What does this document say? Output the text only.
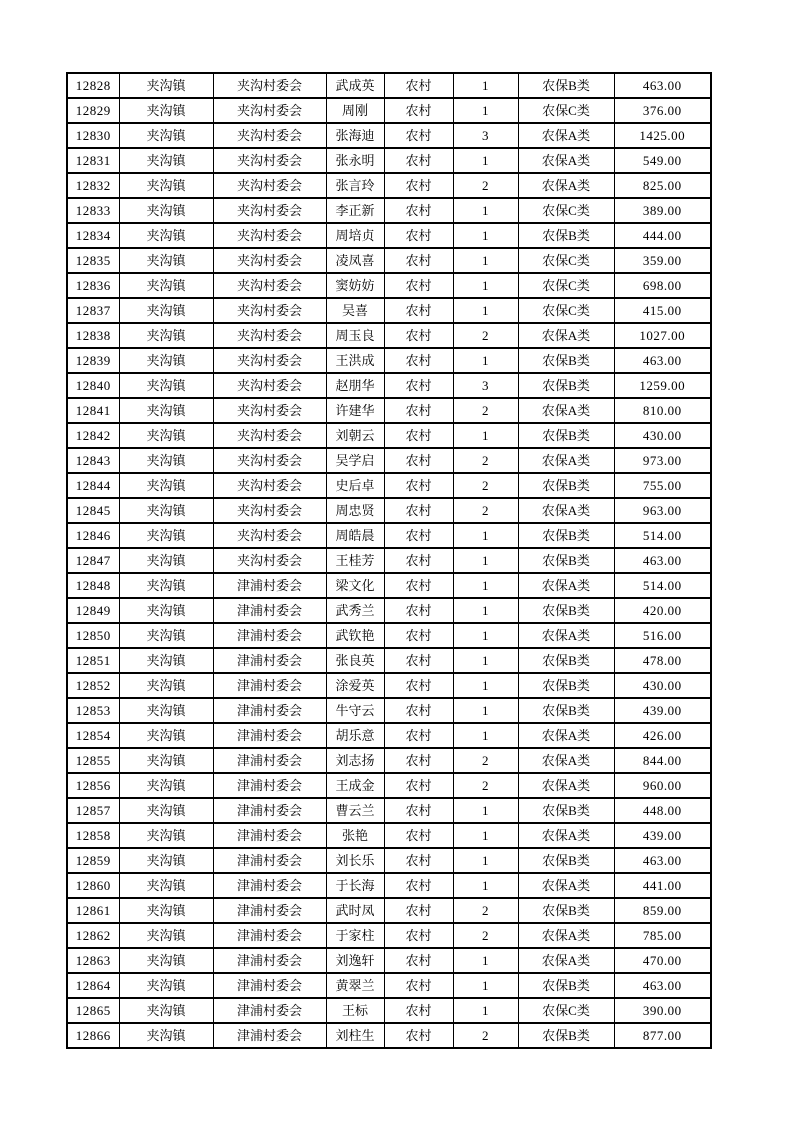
12828	夹沟镇	夹沟村委会	武成英	农村	1	农保B类	463.00
12829	夹沟镇	夹沟村委会	周刚	农村	1	农保C类	376.00
12830	夹沟镇	夹沟村委会	张海迪	农村	3	农保A类	1425.00
12831	夹沟镇	夹沟村委会	张永明	农村	1	农保A类	549.00
12832	夹沟镇	夹沟村委会	张言玲	农村	2	农保A类	825.00
12833	夹沟镇	夹沟村委会	李正新	农村	1	农保C类	389.00
12834	夹沟镇	夹沟村委会	周培贞	农村	1	农保B类	444.00
12835	夹沟镇	夹沟村委会	凌凤喜	农村	1	农保C类	359.00
12836	夹沟镇	夹沟村委会	窦妨妨	农村	1	农保C类	698.00
12837	夹沟镇	夹沟村委会	吴喜	农村	1	农保C类	415.00
12838	夹沟镇	夹沟村委会	周玉良	农村	2	农保A类	1027.00
12839	夹沟镇	夹沟村委会	王洪成	农村	1	农保B类	463.00
12840	夹沟镇	夹沟村委会	赵朋华	农村	3	农保B类	1259.00
12841	夹沟镇	夹沟村委会	许建华	农村	2	农保A类	810.00
12842	夹沟镇	夹沟村委会	刘朝云	农村	1	农保B类	430.00
12843	夹沟镇	夹沟村委会	吴学启	农村	2	农保A类	973.00
12844	夹沟镇	夹沟村委会	史后卓	农村	2	农保B类	755.00
12845	夹沟镇	夹沟村委会	周忠贤	农村	2	农保A类	963.00
12846	夹沟镇	夹沟村委会	周皓晨	农村	1	农保B类	514.00
12847	夹沟镇	夹沟村委会	王桂芳	农村	1	农保B类	463.00
12848	夹沟镇	津浦村委会	梁文化	农村	1	农保A类	514.00
12849	夹沟镇	津浦村委会	武秀兰	农村	1	农保B类	420.00
12850	夹沟镇	津浦村委会	武钦艳	农村	1	农保A类	516.00
12851	夹沟镇	津浦村委会	张良英	农村	1	农保B类	478.00
12852	夹沟镇	津浦村委会	涂爱英	农村	1	农保B类	430.00
12853	夹沟镇	津浦村委会	牛守云	农村	1	农保B类	439.00
12854	夹沟镇	津浦村委会	胡乐意	农村	1	农保A类	426.00
12855	夹沟镇	津浦村委会	刘志扬	农村	2	农保A类	844.00
12856	夹沟镇	津浦村委会	王成金	农村	2	农保A类	960.00
12857	夹沟镇	津浦村委会	曹云兰	农村	1	农保B类	448.00
12858	夹沟镇	津浦村委会	张艳	农村	1	农保A类	439.00
12859	夹沟镇	津浦村委会	刘长乐	农村	1	农保B类	463.00
12860	夹沟镇	津浦村委会	于长海	农村	1	农保A类	441.00
12861	夹沟镇	津浦村委会	武时凤	农村	2	农保B类	859.00
12862	夹沟镇	津浦村委会	于家柱	农村	2	农保A类	785.00
12863	夹沟镇	津浦村委会	刘逸轩	农村	1	农保A类	470.00
12864	夹沟镇	津浦村委会	黄翠兰	农村	1	农保B类	463.00
12865	夹沟镇	津浦村委会	王标	农村	1	农保C类	390.00
12866	夹沟镇	津浦村委会	刘柱生	农村	2	农保B类	877.00
